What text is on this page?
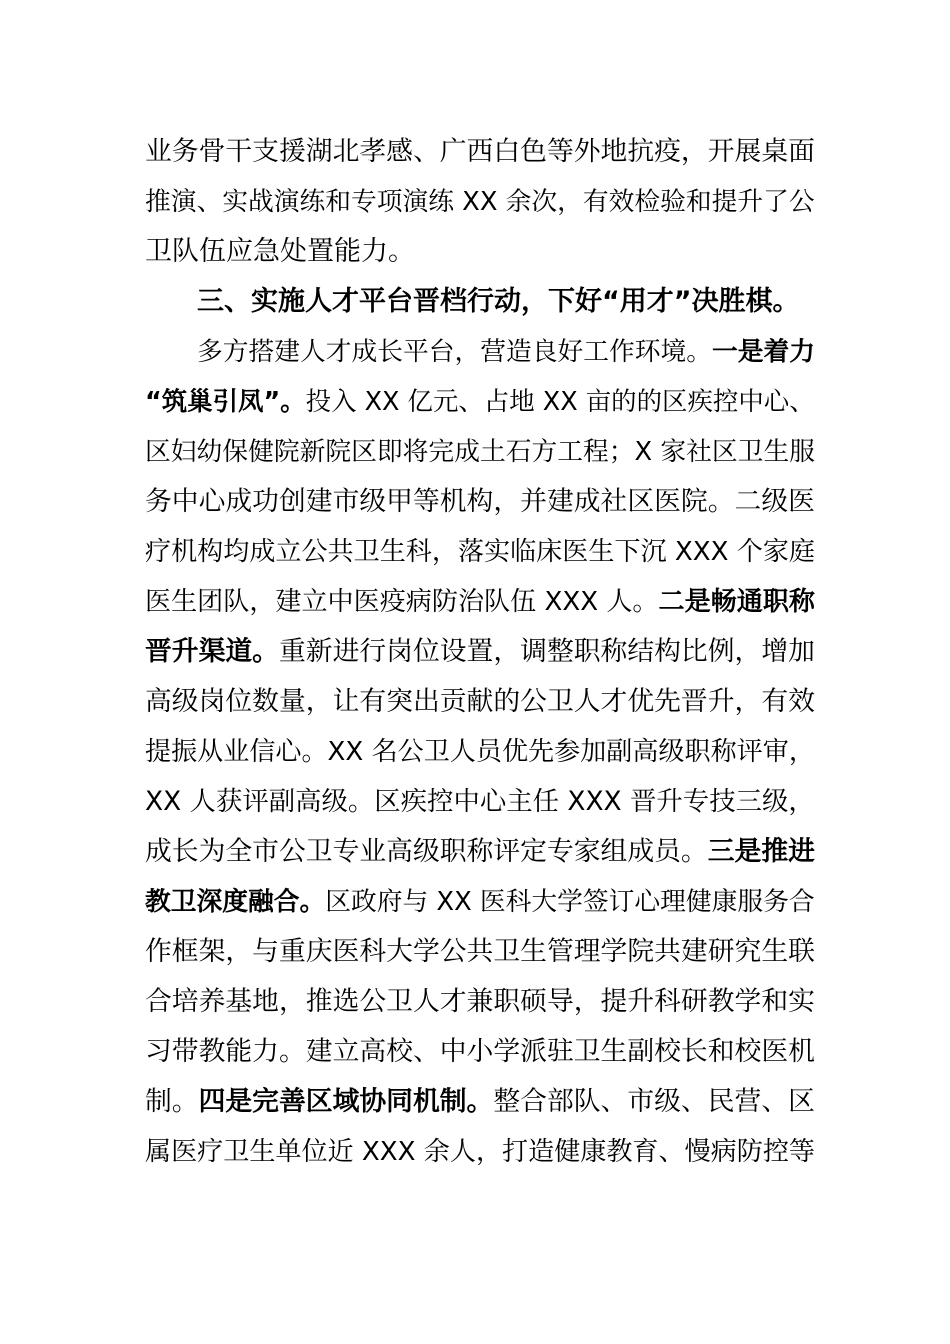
业务骨干支援湖北孝感、广西白色等外地抗疫，开展桌面
推演、实战演练和专项演练 XX 余次，有效检验和提升了公
卫队伍应急处置能力。
三、实施人才平台晋档行动，下好“用才”决胜棋。
多方搭建人才成长平台，营造良好工作环境。一是着力
“筑巢引凤”。投入 XX 亿元、占地 XX 亩的的区疾控中心、
区妇幼保健院新院区即将完成土石方工程；X 家社区卫生服
务中心成功创建市级甲等机构，并建成社区医院。二级医
疗机构均成立公共卫生科，落实临床医生下沉 XXX 个家庭
医生团队，建立中医疫病防治队伍 XXX 人。二是畅通职称
晋升渠道。重新进行岗位设置，调整职称结构比例，增加
高级岗位数量，让有突出贡献的公卫人才优先晋升，有效
提振从业信心。XX 名公卫人员优先参加副高级职称评审，
XX 人获评副高级。区疾控中心主任 XXX 晋升专技三级，
成长为全市公卫专业高级职称评定专家组成员。三是推进
教卫深度融合。区政府与 XX 医科大学签订心理健康服务合
作框架，与重庆医科大学公共卫生管理学院共建研究生联
合培养基地，推选公卫人才兼职硕导，提升科研教学和实
习带教能力。建立高校、中小学派驻卫生副校长和校医机
制。四是完善区域协同机制。整合部队、市级、民营、区
属医疗卫生单位近 XXX 余人，打造健康教育、慢病防控等
